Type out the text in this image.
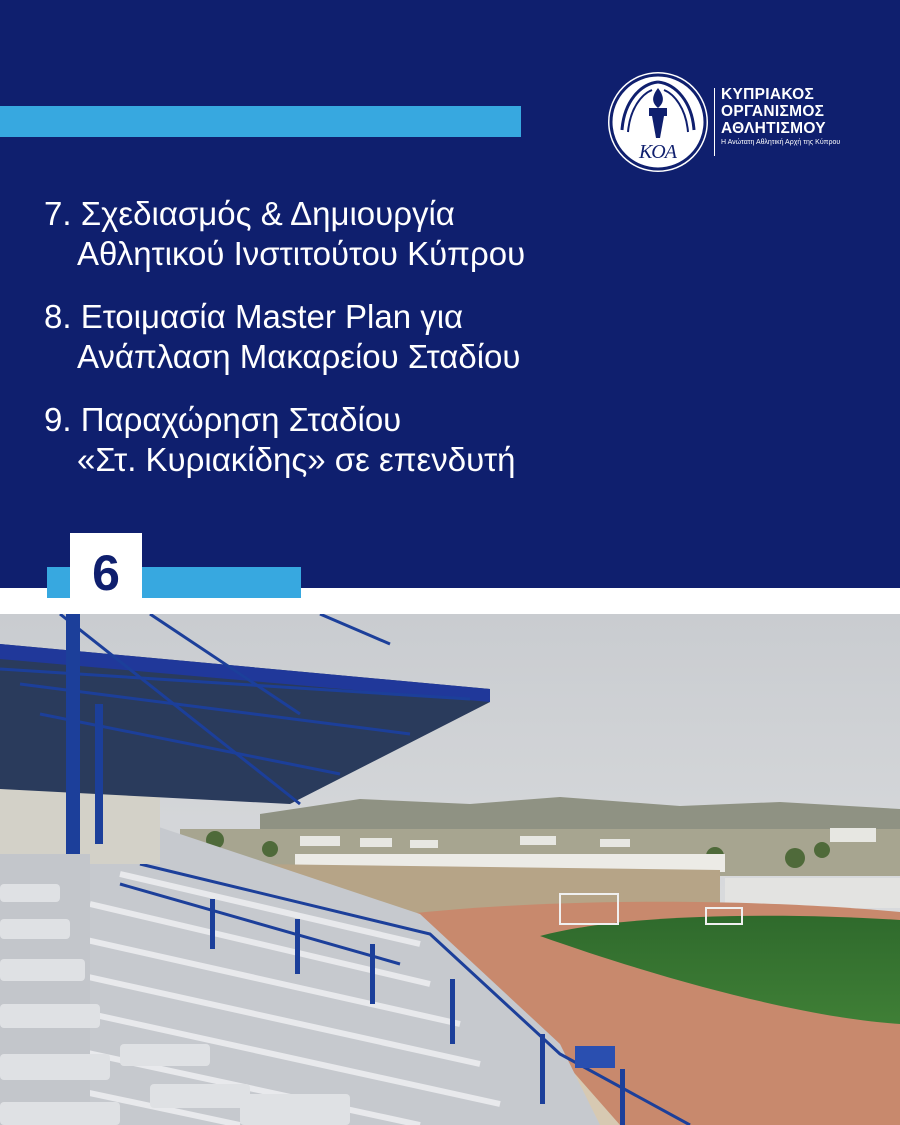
ΚΟΑ
ΚΥΠΡΙΑΚΟΣ
ΟΡΓΑΝΙΣΜΟΣ
ΑΘΛΗΤΙΣΜΟΥ
Η Ανώτατη Αθλητική Αρχή της Κύπρου
7. Σχεδιασμός & Δημιουργία
Αθλητικού Ινστιτούτου Κύπρου
8. Ετοιμασία Master Plan για
Ανάπλαση Μακαρείου Σταδίου
9. Παραχώρηση Σταδίου
«Στ. Κυριακίδης» σε επενδυτή
6
